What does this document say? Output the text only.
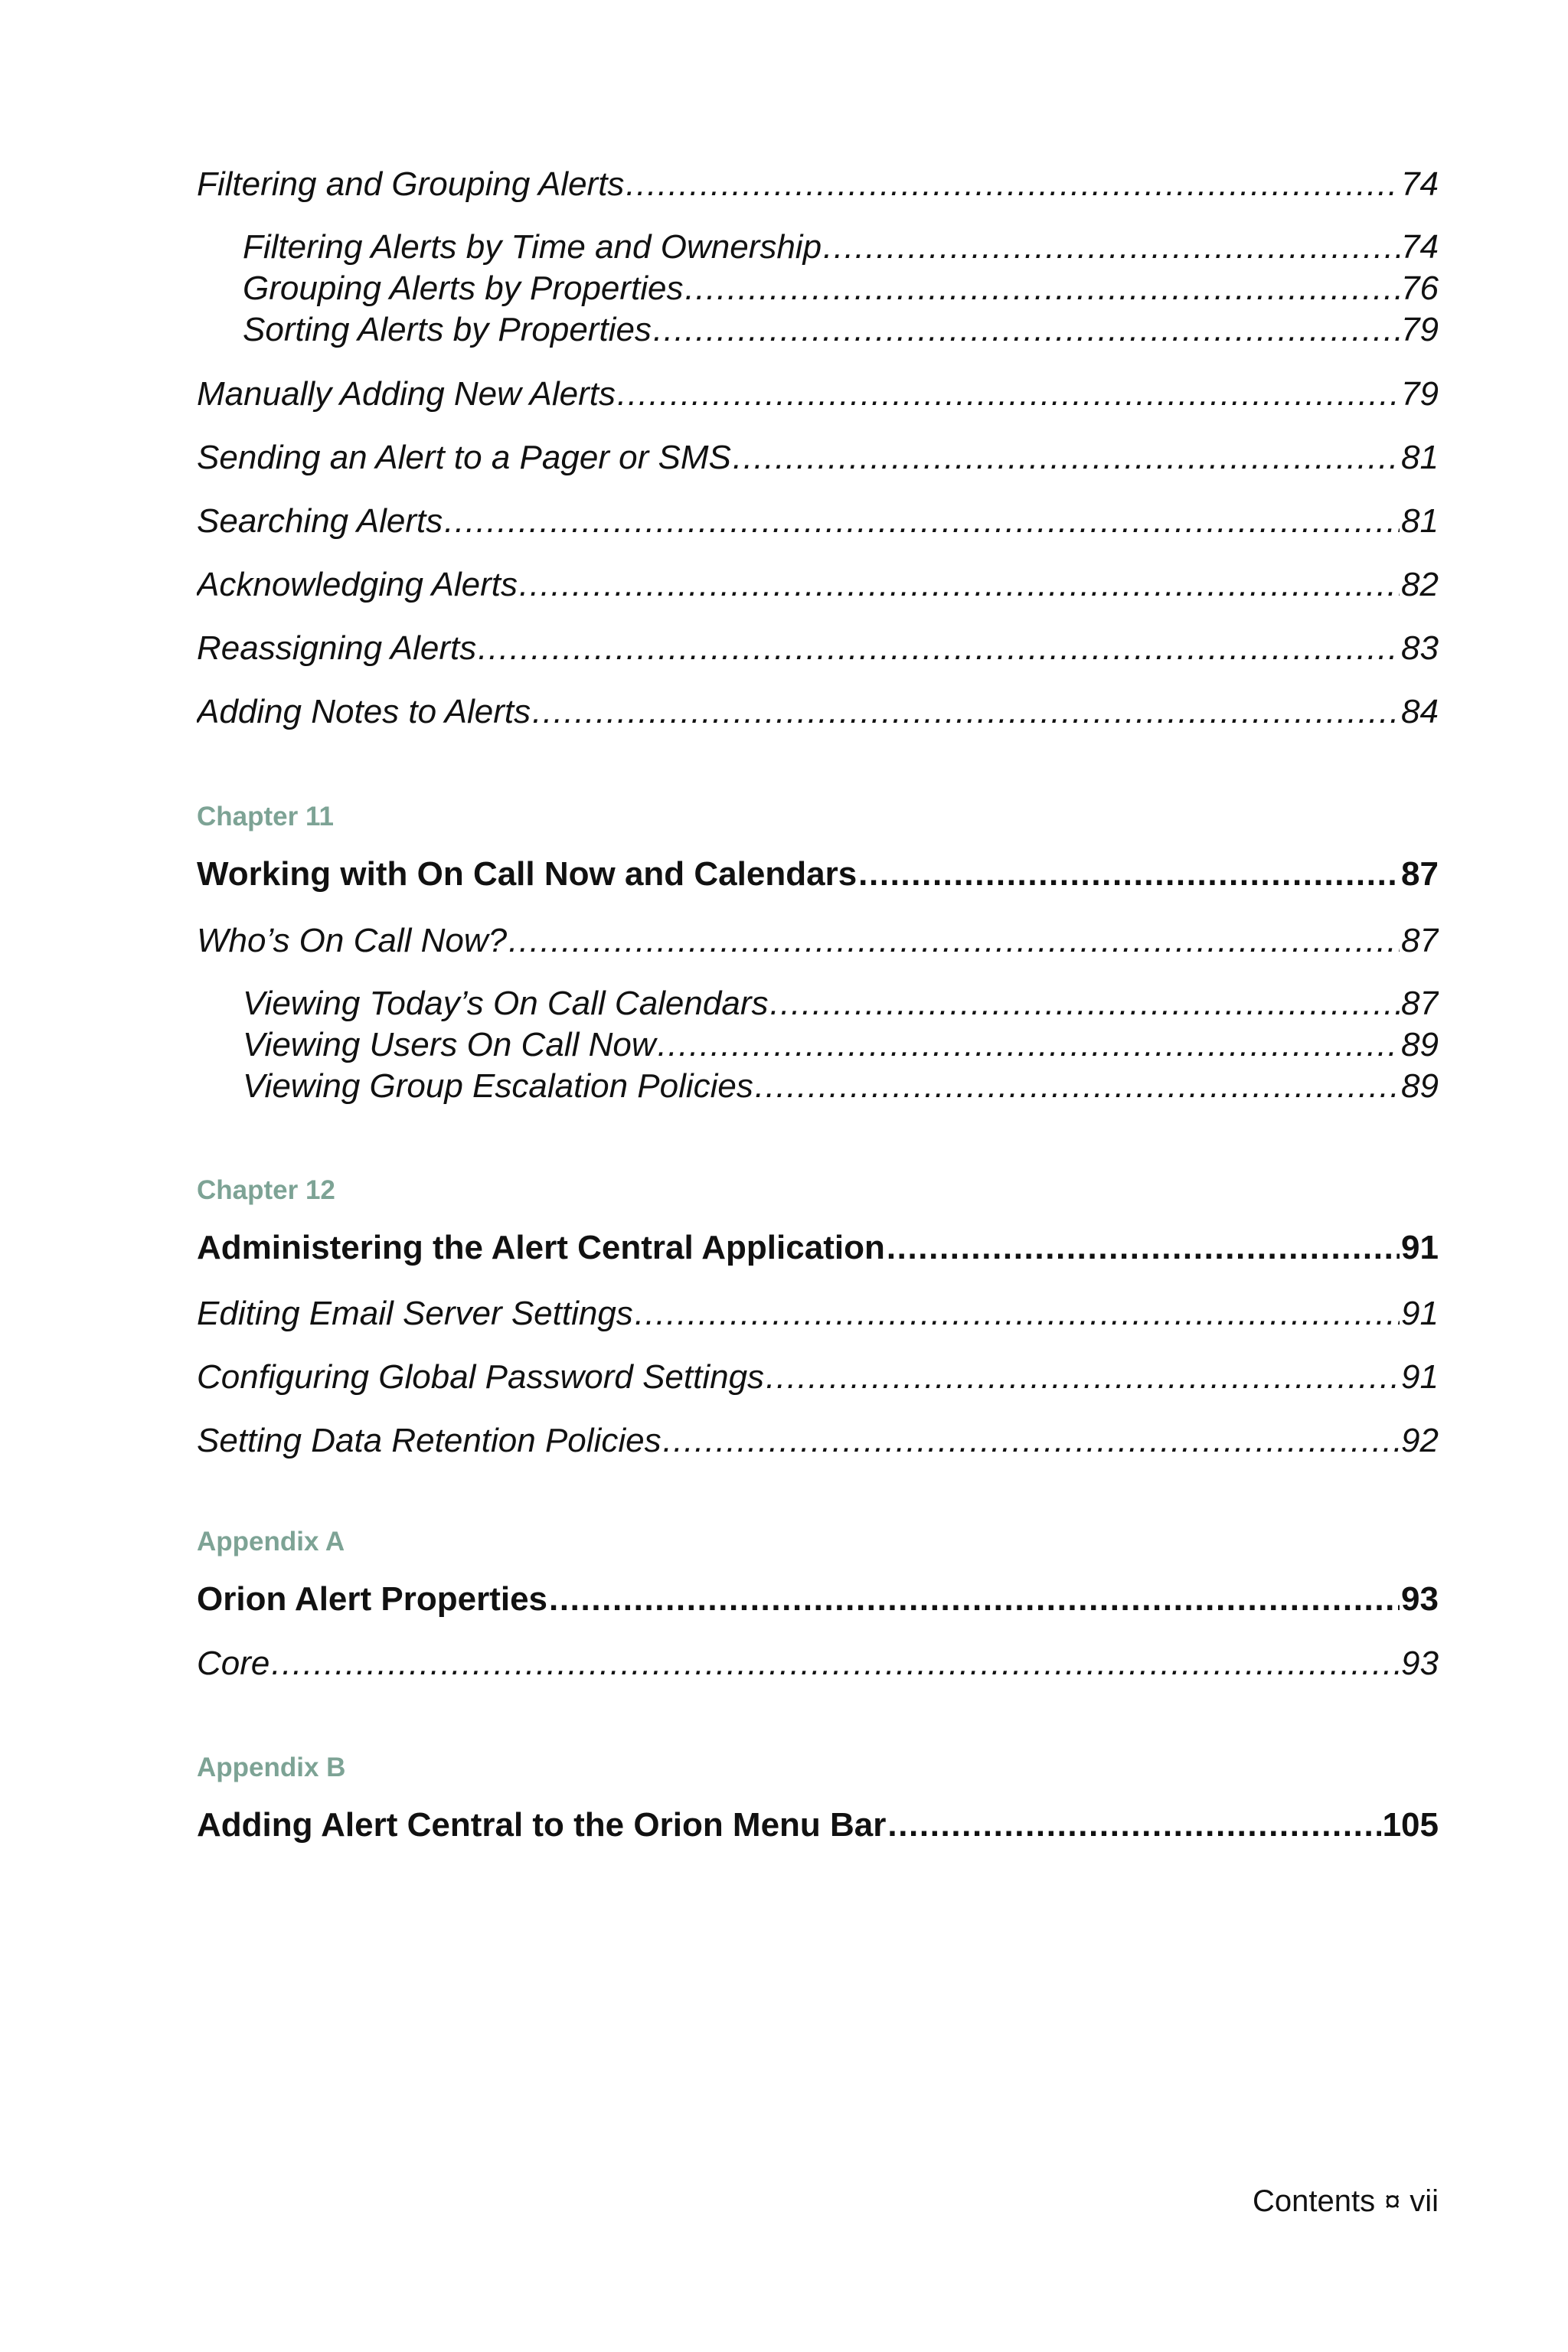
Filtering and Grouping Alerts .....	74
Filtering Alerts by Time and Ownership .....	74
Grouping Alerts by Properties .....	76
Sorting Alerts by Properties .....	79
Manually Adding New Alerts .....	79
Sending an Alert to a Pager or SMS .....	81
Searching Alerts .....	81
Acknowledging Alerts .....	82
Reassigning Alerts .....	83
Adding Notes to Alerts .....	84
Chapter 11
Working with On Call Now and Calendars .....	87
Who’s On Call Now? .....	87
Viewing Today’s On Call Calendars .....	87
Viewing Users On Call Now .....	89
Viewing Group Escalation Policies .....	89
Chapter 12
Administering the Alert Central Application .....	91
Editing Email Server Settings .....	91
Configuring Global Password Settings .....	91
Setting Data Retention Policies .....	92
Appendix A
Orion Alert Properties .....	93
Core .....	93
Appendix B
Adding Alert Central to the Orion Menu Bar .....	105
Contents ¤ vii
